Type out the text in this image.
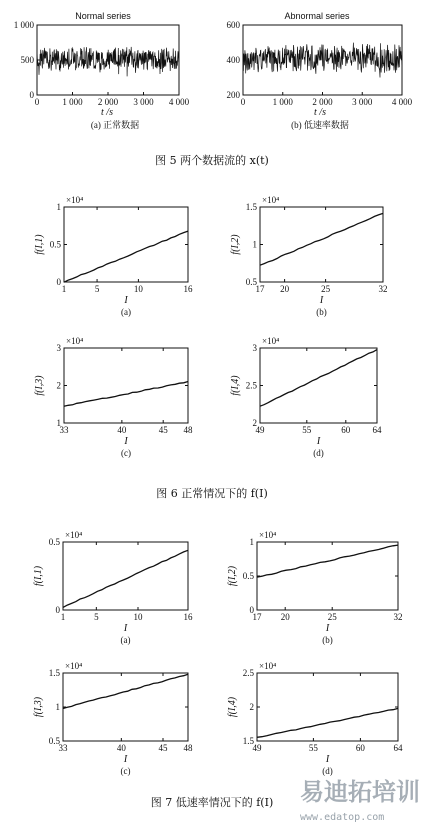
Normal series	Abnormal series
t /s	t /s
(a) 正常数据	(b) 低速率数据
图 5 两个数据流的 x(t)
图 6 正常情况下的 f(I)
图 7 低速率情况下的 f(I) 易迪拓培训
www.edatop.com
0	1 000 2 000 3 000 4 000
0
500
1 000
0	1 000 2 000 3 000 4 000
200
400
600
×10⁴
1	5	10	16
0
0.5
1
f(I,1)
I
(a)
×10⁴
17 20	25	32
0.5
1
1.5
f(I,2)
I
(b)
×10⁴
33	40	45 48
1
2
3
f(I,3)
I
(c)
×10⁴
49	55	60 64
2
2.5
3
f(I,4)
I
(d)
×10⁴
1	5	10	16
0
0.5
f(I,1)
I
(a)
×10⁴
17 20	25	32
0
0.5
1
f(I,2)
I
(b)
×10⁴
33	40	45 48
0.5
1
1.5
f(I,3)
I
(c)
×10⁴
49	55	60	64
1.5
2
2.5
f(I,4)
I
(d)
